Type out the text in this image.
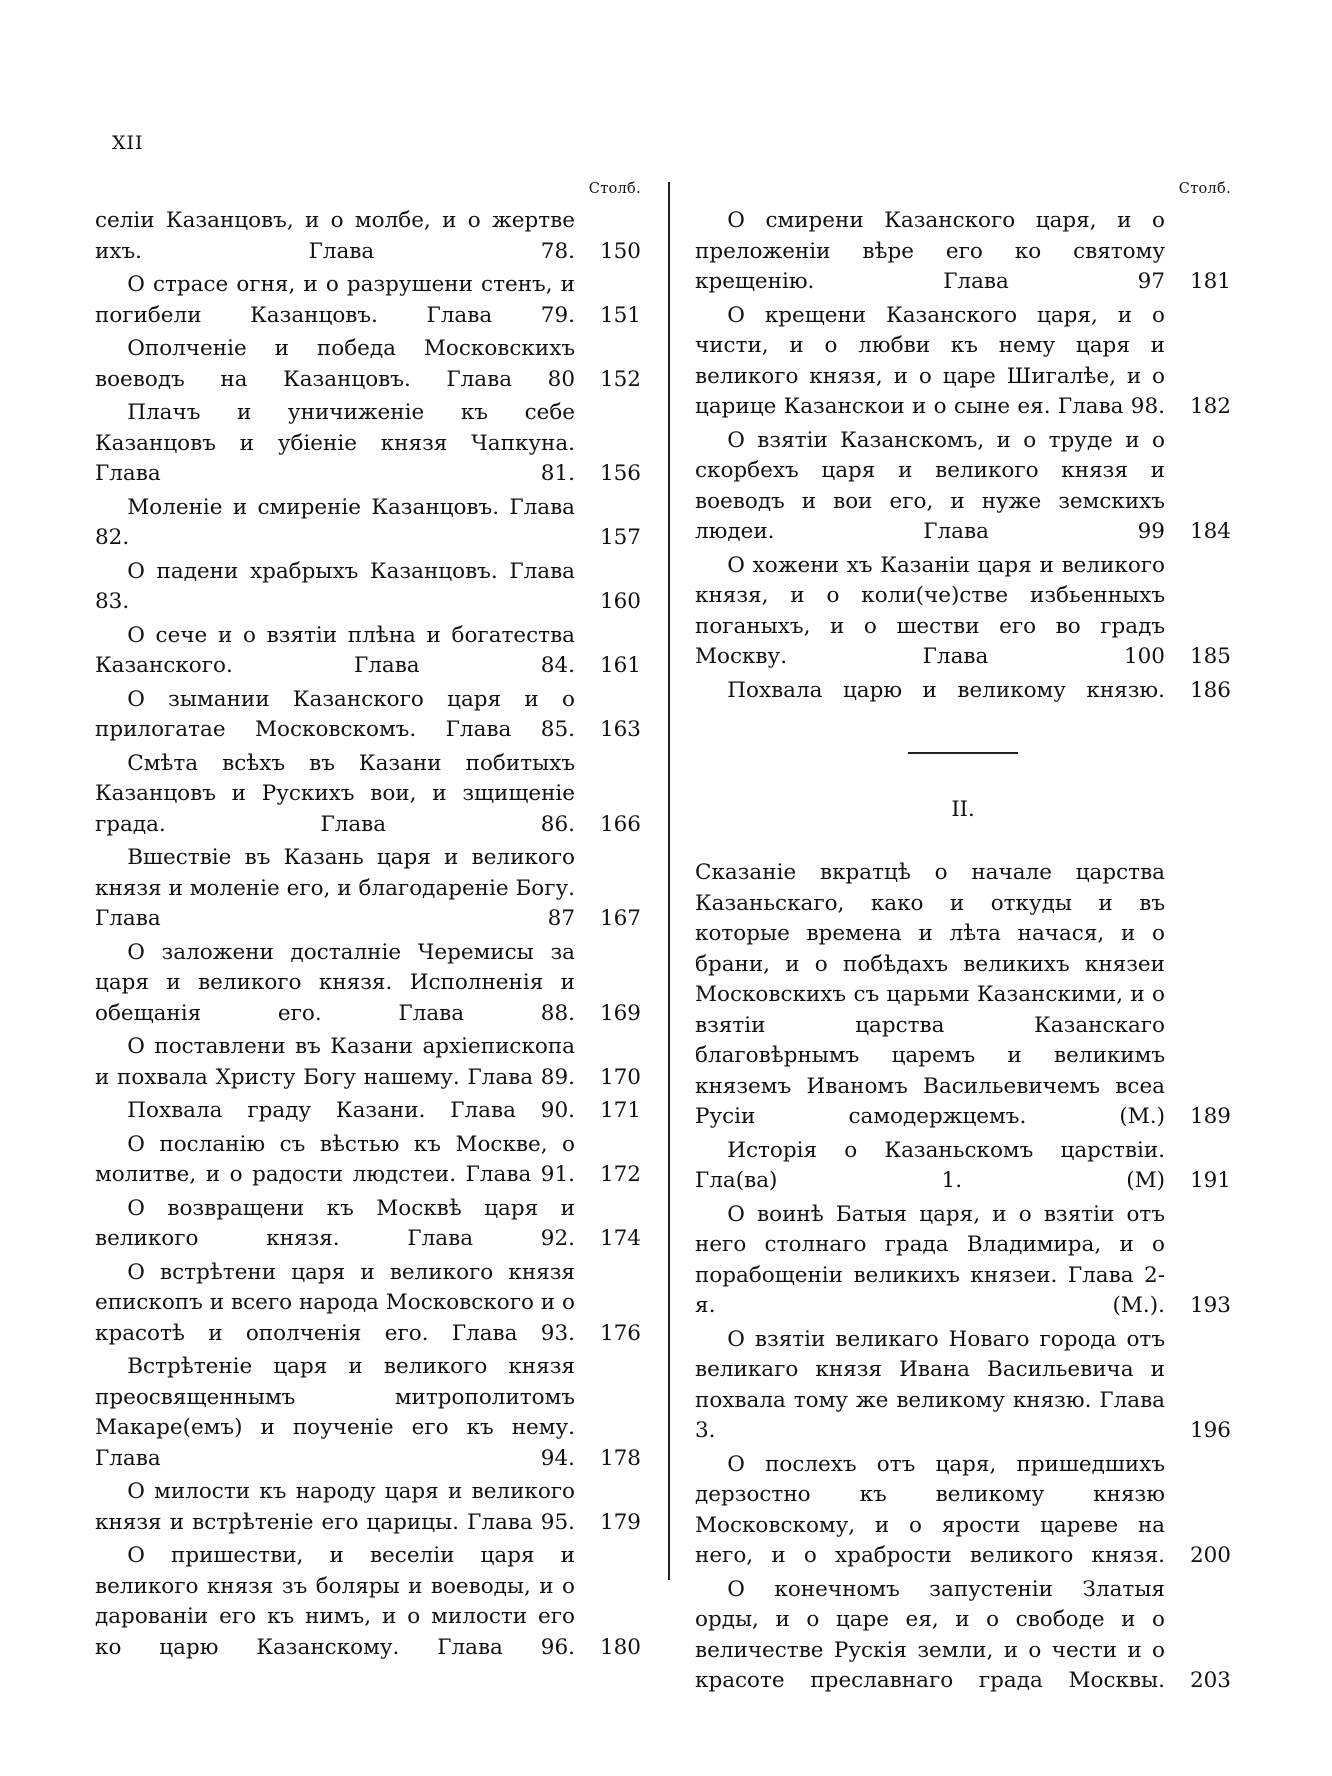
XII
Столб.
селіи Казанцовъ, и о молбе, и о жертве ихъ. Глава 78. 150
О страсе огня, и о разрушени стенъ, и погибели Казанцовъ. Глава 79. 151
Ополченіе и победа Московскихъ воеводъ на Казанцовъ. Глава 80 152
Плачъ и уничиженіе къ себе Казанцовъ и убіеніе князя Чапкуна. Глава 81. 156
Моленіе и смиреніе Казанцовъ. Глава 82.	157
О падени храбрыхъ Казанцовъ. Глава 83.	160
О сече и о взятіи плѣна и богатества Казанского. Глава 84. 161
О зымании Казанского царя и о прилогатае Московскомъ. Глава 85. 163
Смѣта всѣхъ въ Казани побитыхъ Казанцовъ и Рускихъ вои, и зщищеніе града. Глава 86. 166
Вшествіе въ Казань царя и великого князя и моленіе его, и благодареніе Богу. Глава 87 167
О заложени досталніе Черемисы за царя и великого князя. Исполненія и обещанія его. Глава 88. 169
О поставлени въ Казани архіепископа и похвала Христу Богу нашему. Глава 89. 170
Похвала граду Казани. Глава 90. 171
О посланію съ вѣстью къ Москве, о молитве, и о радости людстеи. Глава 91. 172
О возвращени къ Москвѣ царя и великого князя. Глава 92. 174
О встрѣтени царя и великого князя епископъ и всего народа Московского и о красотѣ и ополченія его. Глава 93. 176
Встрѣтеніе царя и великого князя преосвященнымъ митрополитомъ Макаре(емъ) и поученіе его къ нему. Глава 94. 178
О милости къ народу царя и великого князя и встрѣтеніе его царицы. Глава 95. 179
О пришестви, и веселіи царя и великого князя зъ боляры и воеводы, и о дарованіи его къ нимъ, и о милости его ко царю Казанскому. Глава 96. 180
Столб.
О смирени Казанского царя, и о преложеніи вѣре его ко святому крещенію. Глава 97 181
О крещени Казанского царя, и о чисти, и о любви къ нему царя и великого князя, и о царе Шигалѣе, и о царице Казанскои и о сыне ея. Глава 98. 182
О взятіи Казанскомъ, и о труде и о скорбехъ царя и великого князя и воеводъ и вои его, и нуже земскихъ людеи. Глава 99 184
О хожени хъ Казаніи царя и великого князя, и о коли(че)стве избьенныхъ поганыхъ, и о шестви его во градъ Москву. Глава 100 185
Похвала царю и великому князю. 186
II.
Сказаніе вкратцѣ о начале царства Казаньскаго, како и откуды и въ которые времена и лѣта начася, и о брани, и о побѣдахъ великихъ князеи Московскихъ съ царьми Казанскими, и о взятіи царства Казанскаго благовѣрнымъ царемъ и великимъ княземъ Иваномъ Васильевичемъ всеа Русіи самодержцемъ. (М.) 189
Исторія о Казаньскомъ царствіи. Гла(ва) 1. (М) 191
О воинѣ Батыя царя, и о взятіи отъ него столнаго града Владимира, и о порабощеніи великихъ князеи. Глава 2-я. (М.). 193
О взятіи великаго Новаго города отъ великаго князя Ивана Васильевича и похвала тому же великому князю. Глава 3.	196
О послехъ отъ царя, пришедшихъ дерзостно къ великому князю Московскому, и о ярости цареве на него, и о храбрости великого князя. 200
О конечномъ запустеніи Златыя орды, и о царе ея, и о свободе и о величестве Рускія земли, и о чести и о красоте преславнаго града Москвы. 203
